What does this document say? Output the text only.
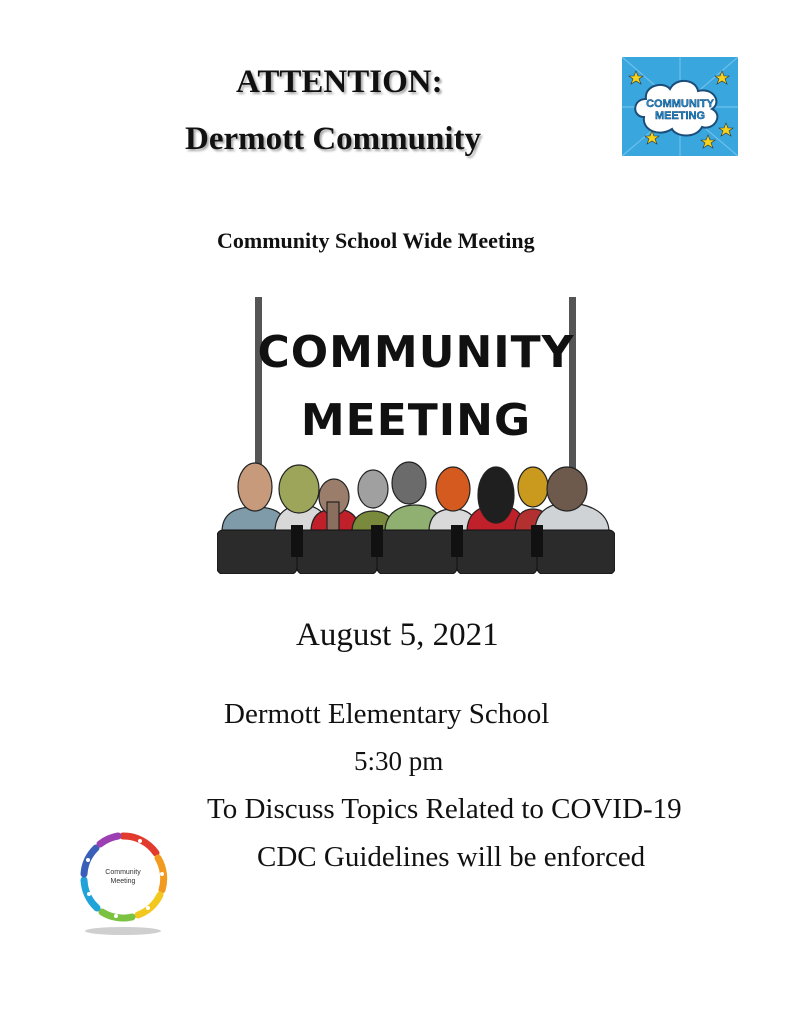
ATTENTION:
Dermott Community
COMMUNITY
MEETING
Community School Wide Meeting
COMMUNITY
MEETING
August 5, 2021
Dermott Elementary School
5:30 pm
To Discuss Topics Related to COVID-19
CDC Guidelines will be enforced
Community
Meeting
